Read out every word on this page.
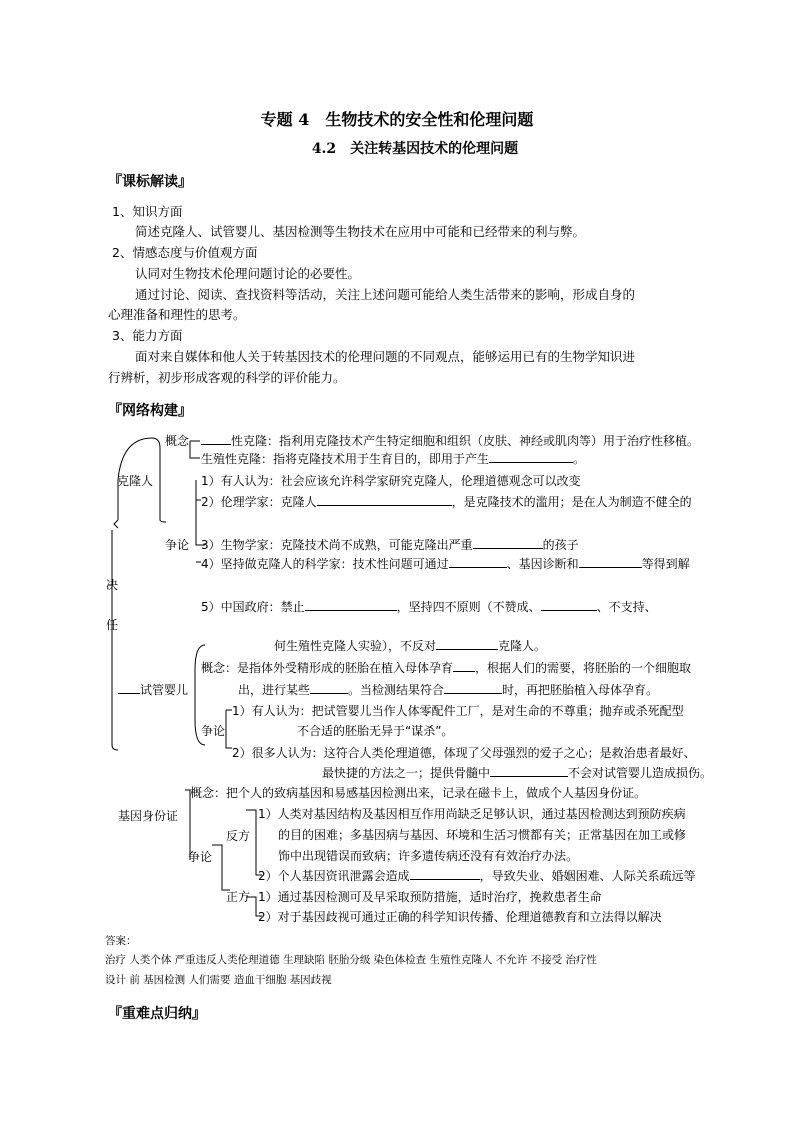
专题 4　生物技术的安全性和伦理问题
4.2　关注转基因技术的伦理问题
『课标解读』
1、知识方面
简述克隆人、试管婴儿、基因检测等生物技术在应用中可能和已经带来的利与弊。
2、情感态度与价值观方面
认同对生物技术伦理问题讨论的必要性。
通过讨论、阅读、查找资料等活动，关注上述问题可能给人类生活带来的影响，形成自身的
心理准备和理性的思考。
3、能力方面
面对来自媒体和他人关于转基因技术的伦理问题的不同观点，能够运用已有的生物学知识进
行辨析，初步形成客观的科学的评价能力。
『网络构建』
克隆人
概念	性克隆：指利用克隆技术产生特定细胞和组织（皮肤、神经或肌肉等）用于治疗性移植。
生殖性克隆：指将克隆技术用于生育目的，即用于产生	。
1）有人认为：社会应该允许科学家研究克隆人，伦理道德观念可以改变
2）伦理学家：克隆人	，是克隆技术的滥用；是在人为制造不健全的
争论 3）生物学家：克隆技术尚不成熟，可能克隆出严重	的孩子
4）坚持做克隆人的科学家：技术性问题可通过	、基因诊断和	等得到解
决
任
5）中国政府：禁止	，坚持四不原则（不赞成、	、不支持、
何生殖性克隆人实验），不反对	克隆人。
试管婴儿
概念：是指体外受精形成的胚胎在植入母体孕育 ，根据人们的需要，将胚胎的一个细胞取
出，进行某些	。当检测结果符合	时，再把胚胎植入母体孕育。
争论
1）有人认为：把试管婴儿当作人体零配件工厂，是对生命的不尊重；抛弃或杀死配型
不合适的胚胎无异于“谋杀”。
2）很多人认为：这符合人类伦理道德，体现了父母强烈的爱子之心；是救治患者最好、
最快捷的方法之一；提供骨髓中	不会对试管婴儿造成损伤。
基因身份证
概念：把个人的致病基因和易感基因检测出来，记录在磁卡上，做成个人基因身份证。
争论
反方
1）人类对基因结构及基因相互作用尚缺乏足够认识，通过基因检测达到预防疾病
的目的困难；多基因病与基因、环境和生活习惯都有关；正常基因在加工或修
饰中出现错误而致病；许多遗传病还没有有效治疗办法。
2）个人基因资讯泄露会造成	，导致失业、婚姻困难、人际关系疏远等
正方 1）通过基因检测可及早采取预防措施，适时治疗，挽救患者生命
2）对于基因歧视可通过正确的科学知识传播、伦理道德教育和立法得以解决
答案：
治疗 人类个体 严重违反人类伦理道德 生理缺陷 胚胎分级 染色体检查 生殖性克隆人 不允许 不接受 治疗性
设计 前 基因检测 人们需要 造血干细胞 基因歧视
『重难点归纳』
